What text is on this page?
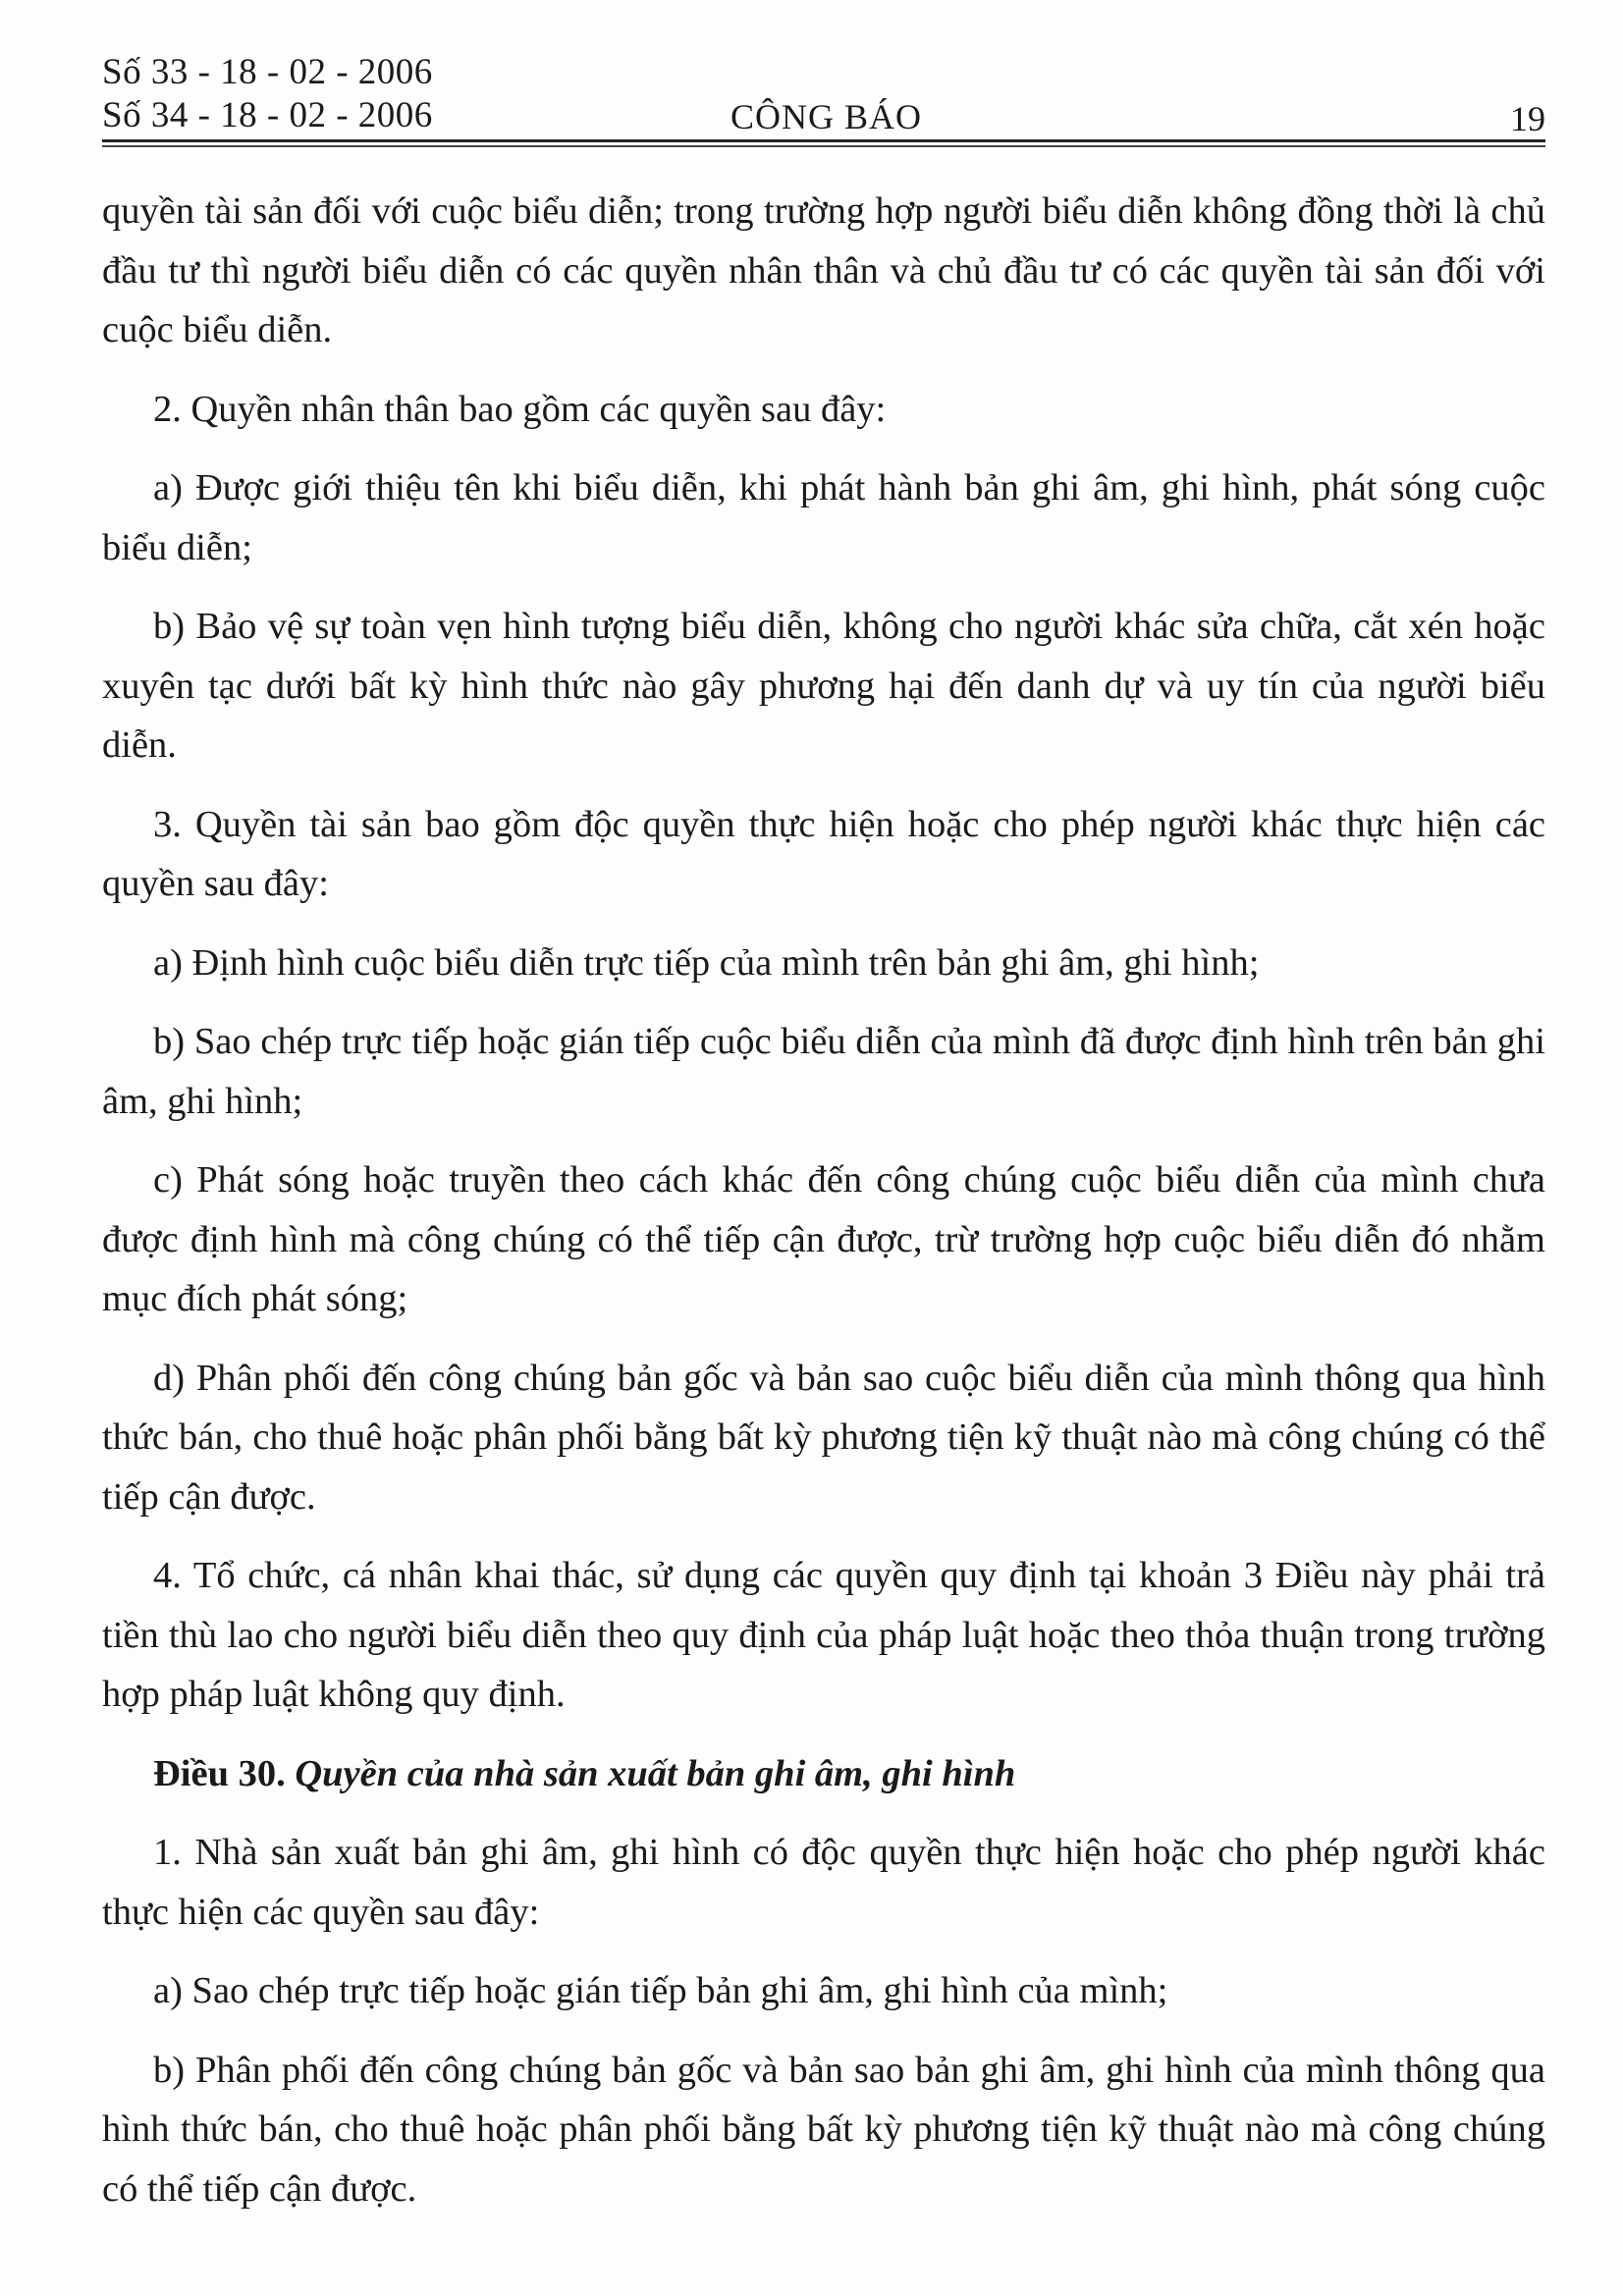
Số 33 - 18 - 02 - 2006
Số 34 - 18 - 02 - 2006	CÔNG BÁO	19

quyền tài sản đối với cuộc biểu diễn; trong trường hợp người biểu diễn không đồng thời là chủ đầu tư thì người biểu diễn có các quyền nhân thân và chủ đầu tư có các quyền tài sản đối với cuộc biểu diễn.

2. Quyền nhân thân bao gồm các quyền sau đây:

a) Được giới thiệu tên khi biểu diễn, khi phát hành bản ghi âm, ghi hình, phát sóng cuộc biểu diễn;

b) Bảo vệ sự toàn vẹn hình tượng biểu diễn, không cho người khác sửa chữa, cắt xén hoặc xuyên tạc dưới bất kỳ hình thức nào gây phương hại đến danh dự và uy tín của người biểu diễn.

3. Quyền tài sản bao gồm độc quyền thực hiện hoặc cho phép người khác thực hiện các quyền sau đây:

a) Định hình cuộc biểu diễn trực tiếp của mình trên bản ghi âm, ghi hình;

b) Sao chép trực tiếp hoặc gián tiếp cuộc biểu diễn của mình đã được định hình trên bản ghi âm, ghi hình;

c) Phát sóng hoặc truyền theo cách khác đến công chúng cuộc biểu diễn của mình chưa được định hình mà công chúng có thể tiếp cận được, trừ trường hợp cuộc biểu diễn đó nhằm mục đích phát sóng;

d) Phân phối đến công chúng bản gốc và bản sao cuộc biểu diễn của mình thông qua hình thức bán, cho thuê hoặc phân phối bằng bất kỳ phương tiện kỹ thuật nào mà công chúng có thể tiếp cận được.

4. Tổ chức, cá nhân khai thác, sử dụng các quyền quy định tại khoản 3 Điều này phải trả tiền thù lao cho người biểu diễn theo quy định của pháp luật hoặc theo thỏa thuận trong trường hợp pháp luật không quy định.

Điều 30. Quyền của nhà sản xuất bản ghi âm, ghi hình

1. Nhà sản xuất bản ghi âm, ghi hình có độc quyền thực hiện hoặc cho phép người khác thực hiện các quyền sau đây:

a) Sao chép trực tiếp hoặc gián tiếp bản ghi âm, ghi hình của mình;

b) Phân phối đến công chúng bản gốc và bản sao bản ghi âm, ghi hình của mình thông qua hình thức bán, cho thuê hoặc phân phối bằng bất kỳ phương tiện kỹ thuật nào mà công chúng có thể tiếp cận được.
